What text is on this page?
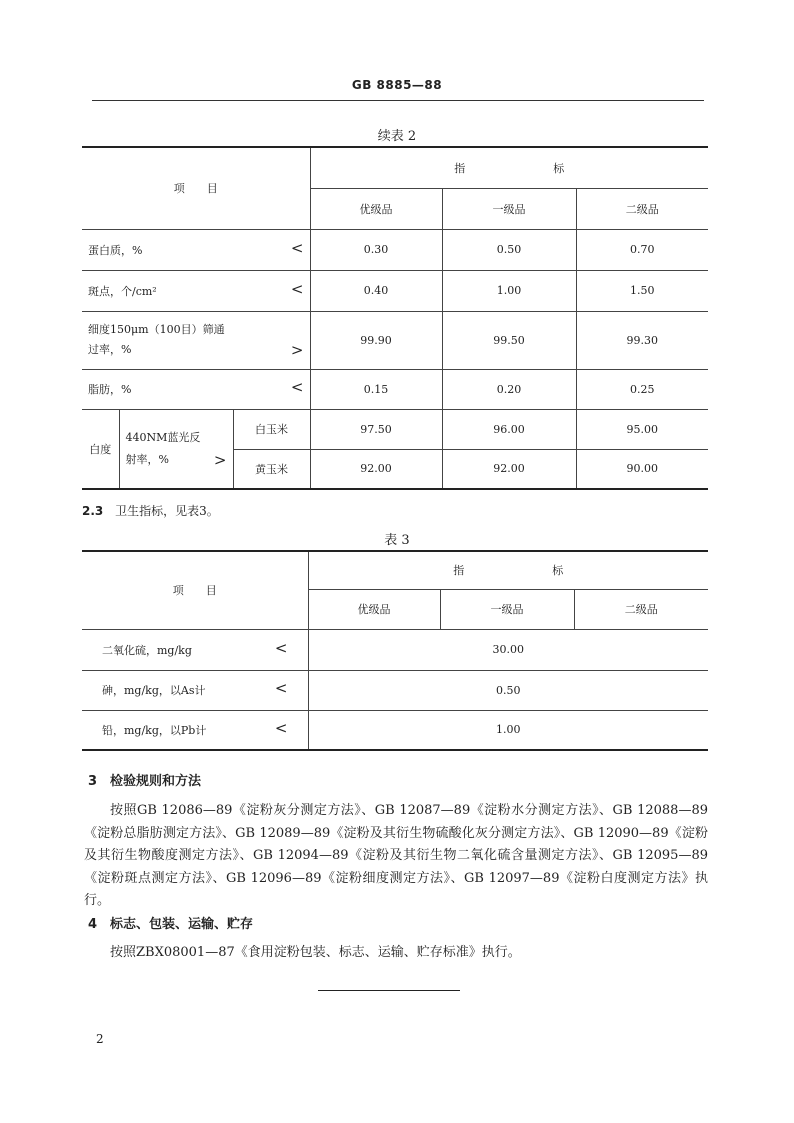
GB 8885—88
续表 2
项　　目			指　　　　　　　　标		
			优级品	一级品	二级品
蛋白质，% <			0.30	0.50	0.70
斑点，个/cm² <			0.40	1.00	1.50

细度150μm（100目）筛通
过率，% >			99.90	99.50	99.30
脂肪，% <			0.15	0.20	0.25
白度	440NM蓝光反
射率，% >	白玉米	97.50	96.00	95.00
		黄玉米	92.00	92.00	90.00
2.3 卫生指标，见表3。
表 3
项　　目	指　　　　　　　　标		
	优级品	一级品	二级品
二氧化硫，mg/kg <	30.00		
砷，mg/kg，以As计 <	0.50		
铅，mg/kg，以Pb计 <	1.00		
3　检验规则和方法

按照GB 12086—89《淀粉灰分测定方法》、GB 12087—89《淀粉水分测定方法》、GB 12088—89《淀粉总脂肪测定方法》、GB 12089—89《淀粉及其衍生物硫酸化灰分测定方法》、GB 12090—89《淀粉及其衍生物酸度测定方法》、GB 12094—89《淀粉及其衍生物二氧化硫含量测定方法》、GB 12095—89《淀粉斑点测定方法》、GB 12096—89《淀粉细度测定方法》、GB 12097—89《淀粉白度测定方法》执行。

4　标志、包装、运输、贮存

按照ZBX08001—87《食用淀粉包装、标志、运输、贮存标准》执行。

2
